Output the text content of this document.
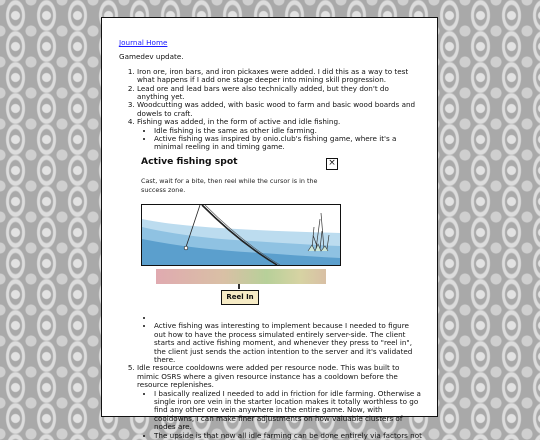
Journal Home
Gamedev update.
1. Iron ore, iron bars, and iron pickaxes were added. I did this as a way to test what happens if I add one stage deeper into mining skill progression.
2. Lead ore and lead bars were also technically added, but they don't do anything yet.
3. Woodcutting was added, with basic wood to farm and basic wood boards and dowels to craft.
4. Fishing was added, in the form of active and idle fishing.
• Idle fishing is the same as other idle farming.
• Active fishing was inspired by onio.club's fishing game, where it's a minimal reeling in and timing game.
Active fishing spot	×
Cast, wait for a bite, then reel while the cursor is in the success zone.
Reel In
•
• Active fishing was interesting to implement because I needed to figure out how to have the process simulated entirely server-side. The client starts and active fishing moment, and whenever they press to "reel in", the client just sends the action intention to the server and it's validated there.
5. Idle resource cooldowns were added per resource node. This was built to mimic OSRS where a given resource instance has a cooldown before the resource replenishes.
• I basically realized I needed to add in friction for idle farming. Otherwise a single iron ore vein in the starter location makes it totally worthless to go find any other ore vein anywhere in the entire game. Now, with cooldowns, I can make finer adjustments on how valuable clusters of nodes are.
• The upside is that now all idle farming can be done entirely via factors not
